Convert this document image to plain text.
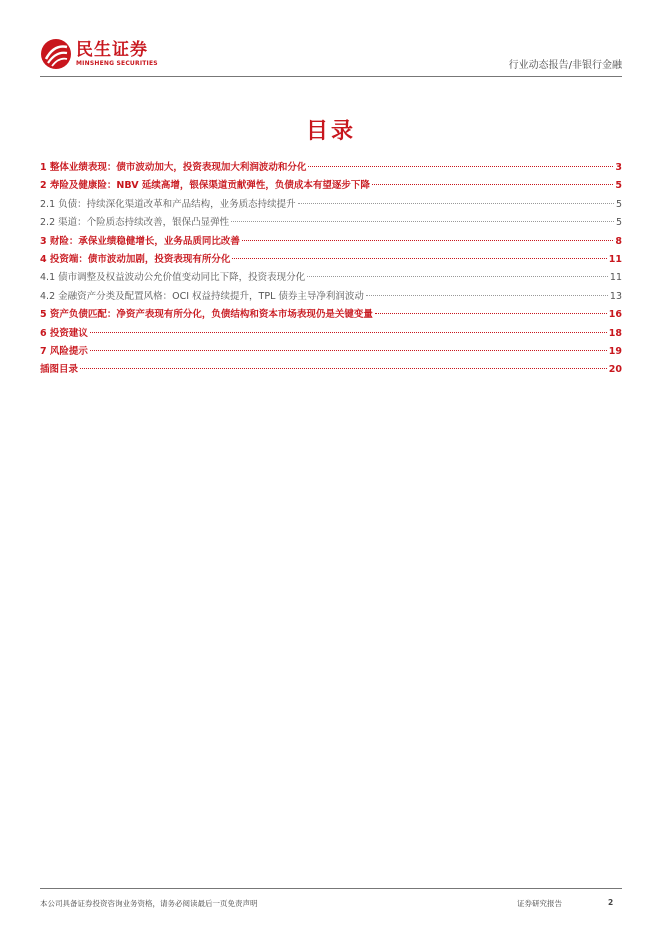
民生证券
MINSHENG SECURITIES	行业动态报告/非银行金融
目录
1 整体业绩表现：债市波动加大，投资表现加大利润波动和分化	3
2 寿险及健康险：NBV 延续高增，银保渠道贡献弹性，负债成本有望逐步下降	5
2.1 负债：持续深化渠道改革和产品结构，业务质态持续提升	5
2.2 渠道：个险质态持续改善，银保凸显弹性	5
3 财险：承保业绩稳健增长，业务品质同比改善	8
4 投资端：债市波动加剧，投资表现有所分化	11
4.1 债市调整及权益波动公允价值变动同比下降，投资表现分化	11
4.2 金融资产分类及配置风格：OCI 权益持续提升，TPL 债券主导净利润波动	13
5 资产负债匹配：净资产表现有所分化，负债结构和资本市场表现仍是关键变量	16
6 投资建议	18
7 风险提示	19
插图目录	20
本公司具备证券投资咨询业务资格，请务必阅读最后一页免责声明	证券研究报告	2
